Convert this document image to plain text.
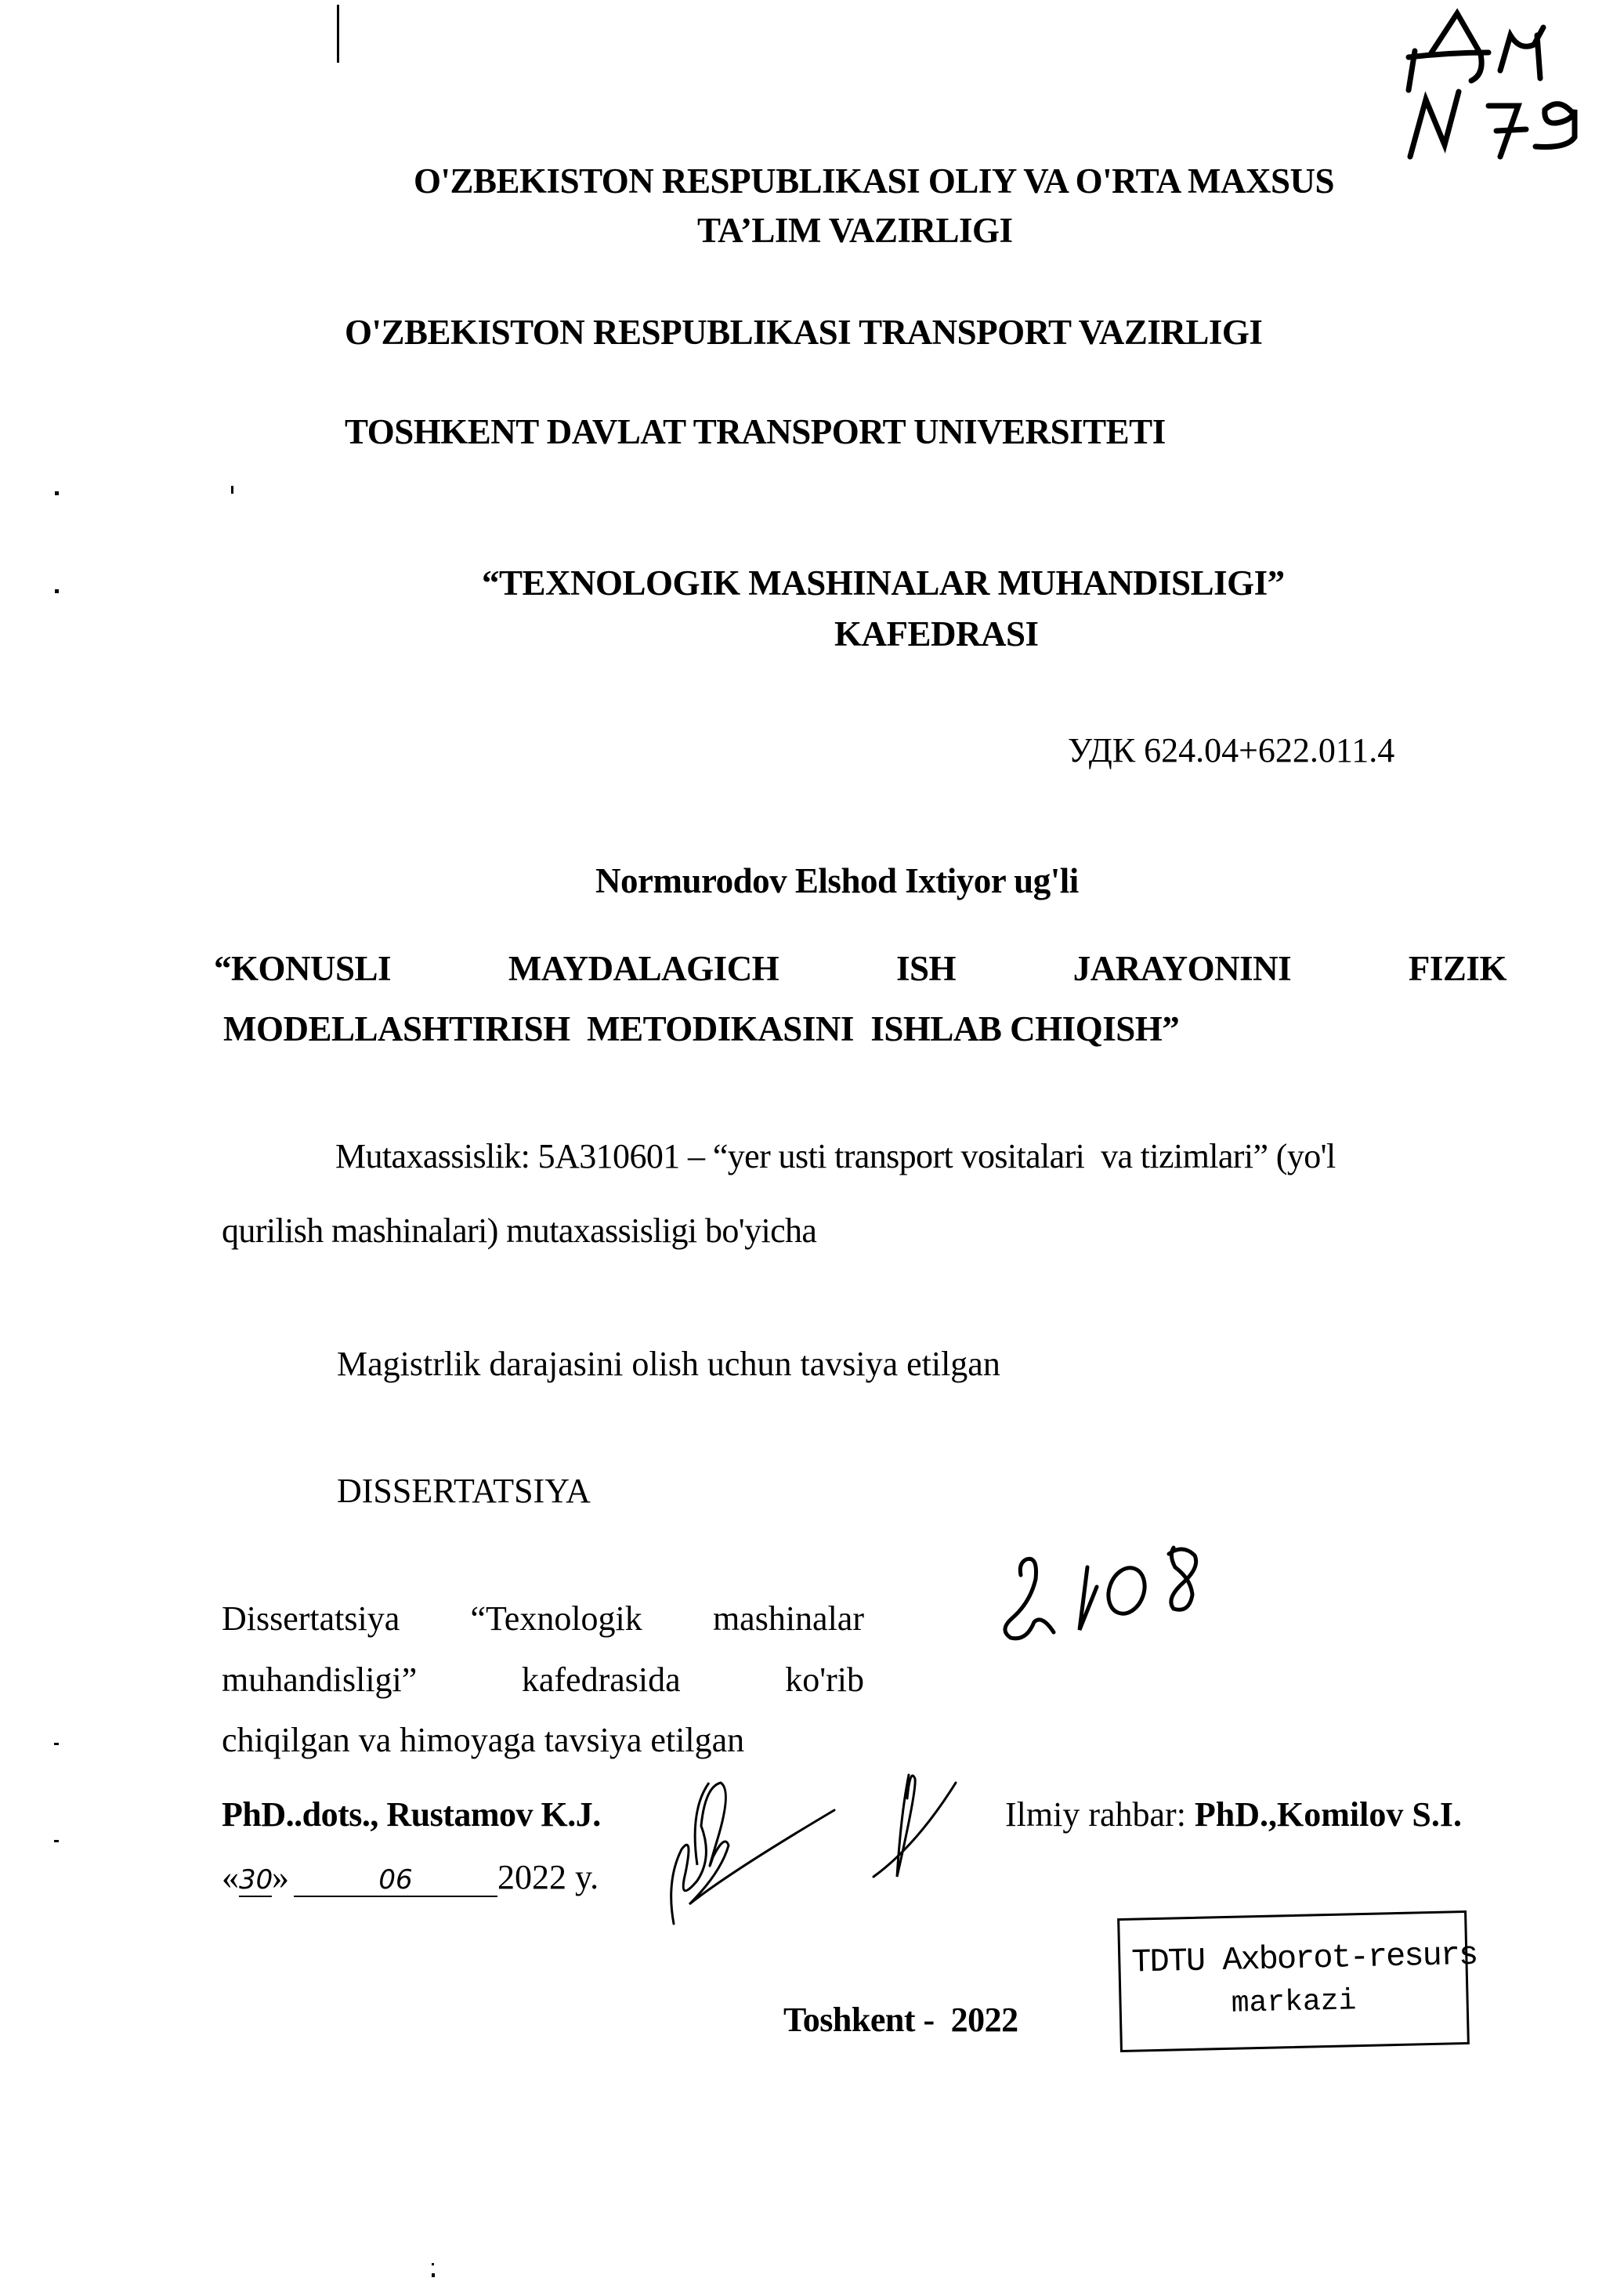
O'ZBEKISTON RESPUBLIKASI OLIY VA O'RTA MAXSUS
TA’LIM VAZIRLIGI
O'ZBEKISTON RESPUBLIKASI TRANSPORT VAZIRLIGI
TOSHKENT DAVLAT TRANSPORT UNIVERSITETI
“TEXNOLOGIK MASHINALAR MUHANDISLIGI”
KAFEDRASI
УДК 624.04+622.011.4
Normurodov Elshod Ixtiyor ug'li
“KONUSLI	MAYDALAGICH	ISH	JARAYONINI	FIZIK
MODELLASHTIRISH  METODIKASINI  ISHLAB CHIQISH”
Mutaxassislik: 5A310601 – “yer usti transport vositalari  va tizimlari” (yo'l
qurilish mashinalari) mutaxassisligi bo'yicha
Magistrlik darajasini olish uchun tavsiya etilgan
DISSERTATSIYA
Dissertatsiya “Texnologik mashinalar
muhandisligi”	kafedrasida	ko'rib
chiqilgan va himoyaga tavsiya etilgan
PhD..dots., Rustamov K.J.
«30»	06 2022 y.
Ilmiy rahbar: PhD.,Komilov S.I.
Toshkent -  2022
TDTU Axborot-resurs
markazi
